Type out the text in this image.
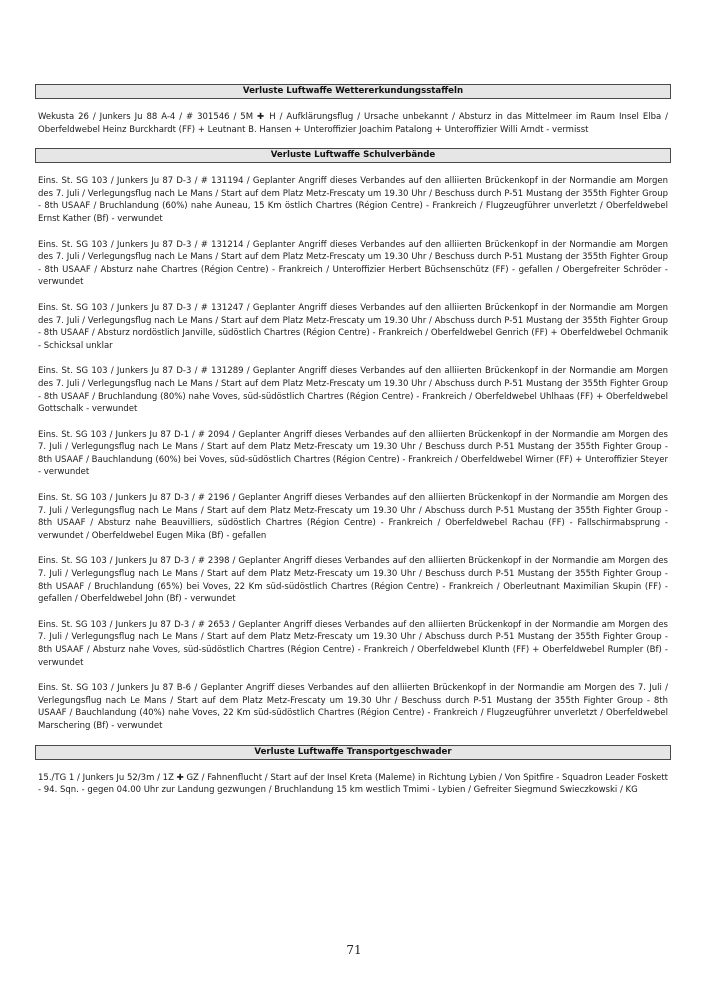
Verluste Luftwaffe Wettererkundungsstaffeln

Wekusta 26 / Junkers Ju 88 A-4 / # 301546 / 5M ✚ H / Aufklärungsflug / Ursache unbekannt / Absturz in das Mittelmeer im Raum Insel Elba / Oberfeldwebel Heinz Burckhardt (FF) + Leutnant B. Hansen + Unteroffizier Joachim Patalong + Unteroffizier Willi Arndt - vermisst

Verluste Luftwaffe Schulverbände

Eins. St. SG 103 / Junkers Ju 87 D-3 / # 131194 / Geplanter Angriff dieses Verbandes auf den alliierten Brückenkopf in der Normandie am Morgen des 7. Juli / Verlegungsflug nach Le Mans / Start auf dem Platz Metz-Frescaty um 19.30 Uhr / Beschuss durch P-51 Mustang der 355th Fighter Group - 8th USAAF / Bruchlandung (60%) nahe Auneau, 15 Km östlich Chartres (Région Centre) - Frankreich / Flugzeugführer unverletzt / Oberfeldwebel Ernst Kather (Bf) - verwundet

Eins. St. SG 103 / Junkers Ju 87 D-3 / # 131214 / Geplanter Angriff dieses Verbandes auf den alliierten Brückenkopf in der Normandie am Morgen des 7. Juli / Verlegungsflug nach Le Mans / Start auf dem Platz Metz-Frescaty um 19.30 Uhr / Beschuss durch P-51 Mustang der 355th Fighter Group - 8th USAAF / Absturz nahe Chartres (Région Centre) - Frankreich / Unteroffizier Herbert Büchsenschütz (FF) - gefallen / Obergefreiter Schröder - verwundet

Eins. St. SG 103 / Junkers Ju 87 D-3 / # 131247 / Geplanter Angriff dieses Verbandes auf den alliierten Brückenkopf in der Normandie am Morgen des 7. Juli / Verlegungsflug nach Le Mans / Start auf dem Platz Metz-Frescaty um 19.30 Uhr / Abschuss durch P-51 Mustang der 355th Fighter Group - 8th USAAF / Absturz nordöstlich Janville, südöstlich Chartres (Région Centre) - Frankreich / Oberfeldwebel Genrich (FF) + Oberfeldwebel Ochmanik - Schicksal unklar

Eins. St. SG 103 / Junkers Ju 87 D-3 / # 131289 / Geplanter Angriff dieses Verbandes auf den alliierten Brückenkopf in der Normandie am Morgen des 7. Juli / Verlegungsflug nach Le Mans / Start auf dem Platz Metz-Frescaty um 19.30 Uhr / Abschuss durch P-51 Mustang der 355th Fighter Group - 8th USAAF / Bruchlandung (80%) nahe Voves, süd-südöstlich Chartres (Région Centre) - Frankreich / Oberfeldwebel Uhlhaas (FF) + Oberfeldwebel Gottschalk - verwundet

Eins. St. SG 103 / Junkers Ju 87 D-1 / # 2094 / Geplanter Angriff dieses Verbandes auf den alliierten Brückenkopf in der Normandie am Morgen des 7. Juli / Verlegungsflug nach Le Mans / Start auf dem Platz Metz-Frescaty um 19.30 Uhr / Beschuss durch P-51 Mustang der 355th Fighter Group - 8th USAAF / Bauchlandung (60%) bei Voves, süd-südöstlich Chartres (Région Centre) - Frankreich / Oberfeldwebel Wirner (FF) + Unteroffizier Steyer - verwundet

Eins. St. SG 103 / Junkers Ju 87 D-3 / # 2196 / Geplanter Angriff dieses Verbandes auf den alliierten Brückenkopf in der Normandie am Morgen des 7. Juli / Verlegungsflug nach Le Mans / Start auf dem Platz Metz-Frescaty um 19.30 Uhr / Abschuss durch P-51 Mustang der 355th Fighter Group - 8th USAAF / Absturz nahe Beauvilliers, südöstlich Chartres (Région Centre) - Frankreich / Oberfeldwebel Rachau (FF) - Fallschirmabsprung - verwundet / Oberfeldwebel Eugen Mika (Bf) - gefallen

Eins. St. SG 103 / Junkers Ju 87 D-3 / # 2398 / Geplanter Angriff dieses Verbandes auf den alliierten Brückenkopf in der Normandie am Morgen des 7. Juli / Verlegungsflug nach Le Mans / Start auf dem Platz Metz-Frescaty um 19.30 Uhr / Beschuss durch P-51 Mustang der 355th Fighter Group - 8th USAAF / Bruchlandung (65%) bei Voves, 22 Km süd-südöstlich Chartres (Région Centre) - Frankreich / Oberleutnant Maximilian Skupin (FF) - gefallen / Oberfeldwebel John (Bf) - verwundet

Eins. St. SG 103 / Junkers Ju 87 D-3 / # 2653 / Geplanter Angriff dieses Verbandes auf den alliierten Brückenkopf in der Normandie am Morgen des 7. Juli / Verlegungsflug nach Le Mans / Start auf dem Platz Metz-Frescaty um 19.30 Uhr / Abschuss durch P-51 Mustang der 355th Fighter Group - 8th USAAF / Absturz nahe Voves, süd-südöstlich Chartres (Région Centre) - Frankreich / Oberfeldwebel Klunth (FF) + Oberfeldwebel Rumpler (Bf) - verwundet

Eins. St. SG 103 / Junkers Ju 87 B-6 / Geplanter Angriff dieses Verbandes auf den alliierten Brückenkopf in der Normandie am Morgen des 7. Juli / Verlegungsflug nach Le Mans / Start auf dem Platz Metz-Frescaty um 19.30 Uhr / Beschuss durch P-51 Mustang der 355th Fighter Group - 8th USAAF / Bauchlandung (40%) nahe Voves, 22 Km süd-südöstlich Chartres (Région Centre) - Frankreich / Flugzeugführer unverletzt / Oberfeldwebel Marschering (Bf) - verwundet

Verluste Luftwaffe Transportgeschwader

15./TG 1 / Junkers Ju 52/3m / 1Z ✚ GZ / Fahnenflucht / Start auf der Insel Kreta (Maleme) in Richtung Lybien / Von Spitfire - Squadron Leader Foskett - 94. Sqn. - gegen 04.00 Uhr zur Landung gezwungen / Bruchlandung 15 km westlich Tmimi - Lybien / Gefreiter Siegmund Swieczkowski / KG

71
